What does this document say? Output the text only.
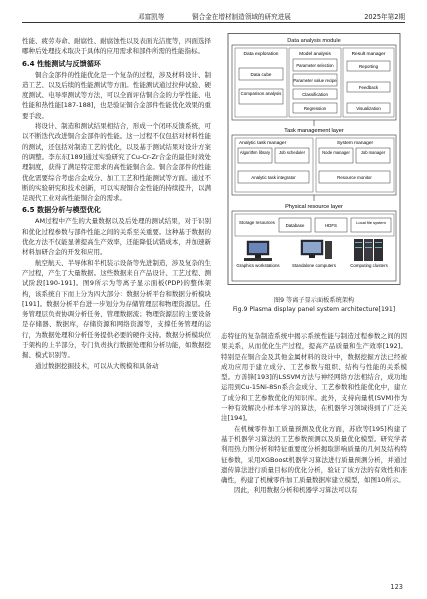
邓富凯等	铜合金在增材制造领域的研究进展	2025年第2期

性能、疲劳寿命、耐腐性、耐腐蚀性以及表面光洁度等，四面选择哪种后处理技术取决于具体的应用需求和部件所需的性能指标。

6.4 性能测试与反馈循环

铜合金部件的性能优化是一个复杂的过程，涉及材料设计、制造工艺、以及后续的性能测试等方面。性能测试通过拉伸试验、硬度测试、电导率测试等方法，可以全面评估铜合金的力学性能、电性能和热性能[187-188]，也是验证铜合金部件性能优化效果的重要手段。

将设计、制造和测试结果相结合，形成一个闭环反馈系统，可以不断迭代改进铜合金部件的性能。这一过程不仅包括对材料性能的测试，还包括对制造工艺的优化，以及基于测试结果对设计方案的调整。李东东[189]通过实验研究了Cu-Cr-Zr合金的最佳时效处理制度，获得了满足特定需求的高性能铜合金。铜合金部件的性能优化需要综合考虑合金成分、加工工艺和性能测试等方面。通过不断的实验研究和技术创新，可以实现铜合金性能的持续提升，以满足现代工业对高性能铜合金的需求。

6.5 数据分析与模型优化

AM过程中产生的大量数据以及后处理的测试结果，对于识别和优化过程参数与部件性能之间的关系至关重要。这种基于数据的优化方法不仅能显著提高生产效率，还能降低试错成本，并加速新材料加研合金的开发和应用。

航空航天、半导体和半机装示设备等先进制造，涉及复杂的生产过程，产生了大量数据。这些数据来自产品设计、工艺过程、测试阶段[190-191]。图9所示为等离子显示面板(PDP)的整体架构，该系统自下而上分为四大部分：数据分析平台和数据分析模块[191]。数据分析平台进一步划分为存储管理层和物理资源层。任务管理层负责协调分析任务、管理数据流；物理资源层的主要设备是存储器、数据库，存储资源和网络资源等，支撑任务管理的运行，为数据处理和分析任务提供必要的硬件支持。数据分析模块位于架构的上半部分，专门负责执行数据处理和分析功能，如数据挖掘、模式识别等。

通过数据挖掘技术，可以从大规模和具备动

Data analysis module
Data exploration	Model analysis	Result manager
Data cube
Comparison analysis
Parameter selection
Parameter value recipe
Classification
Regression
Reporting
Feedback
Visualization
Task management layer
Analytic task manager
Algorithm library Job scheduler
Analytic task integrator
System manager
Node manager	Job manager
Resource monitor
Physical resource layer
Storage resources
Database	HDFS
Local file system
Graphics workstations	Standalone computers	Computing clusters
图9 等离子显示面板系统架构
Fig.9 Plasma display panel system architecture[191]

态特征的复杂制造系统中揭示系统性能与制造过程参数之间的因果关系，从而优化生产过程，提高产品质量和生产效率[192]。特别是在铜合金及其他金属材料的设计中，数据挖掘方法已经被成功应用于建立成分、工艺参数与组织、结构与性能的关系模型。方善锋[193]的LSSVM方法与神经网络方法相结合，成功地运用到Cu-15Ni-8Sn系合金成分、工艺参数和性能优化中，建立了成分和工艺参数优化的知识库。此外，支持向量机(SVM)作为一种有效解决小样本学习的算法，在机器学习领域得到了广泛关注[194]。

在机械零件加工质量预测及优化方面，苏欣等[195]构建了基于机器学习算法的工艺参数预测以及质量优化模型。研究学者利用热力图分析和特征重要度分析揭取影响质量的几何及结构特征参数，采用XGBoost机器学习算法进行质量预测分析，并通过遗传算法进行质量目标的优化分析，验证了该方法的有效性和准确性，构建了机械零件加工质量数据库建立模型，如图10所示。

因此，利用数据分析和机器学习算法可以有

123
